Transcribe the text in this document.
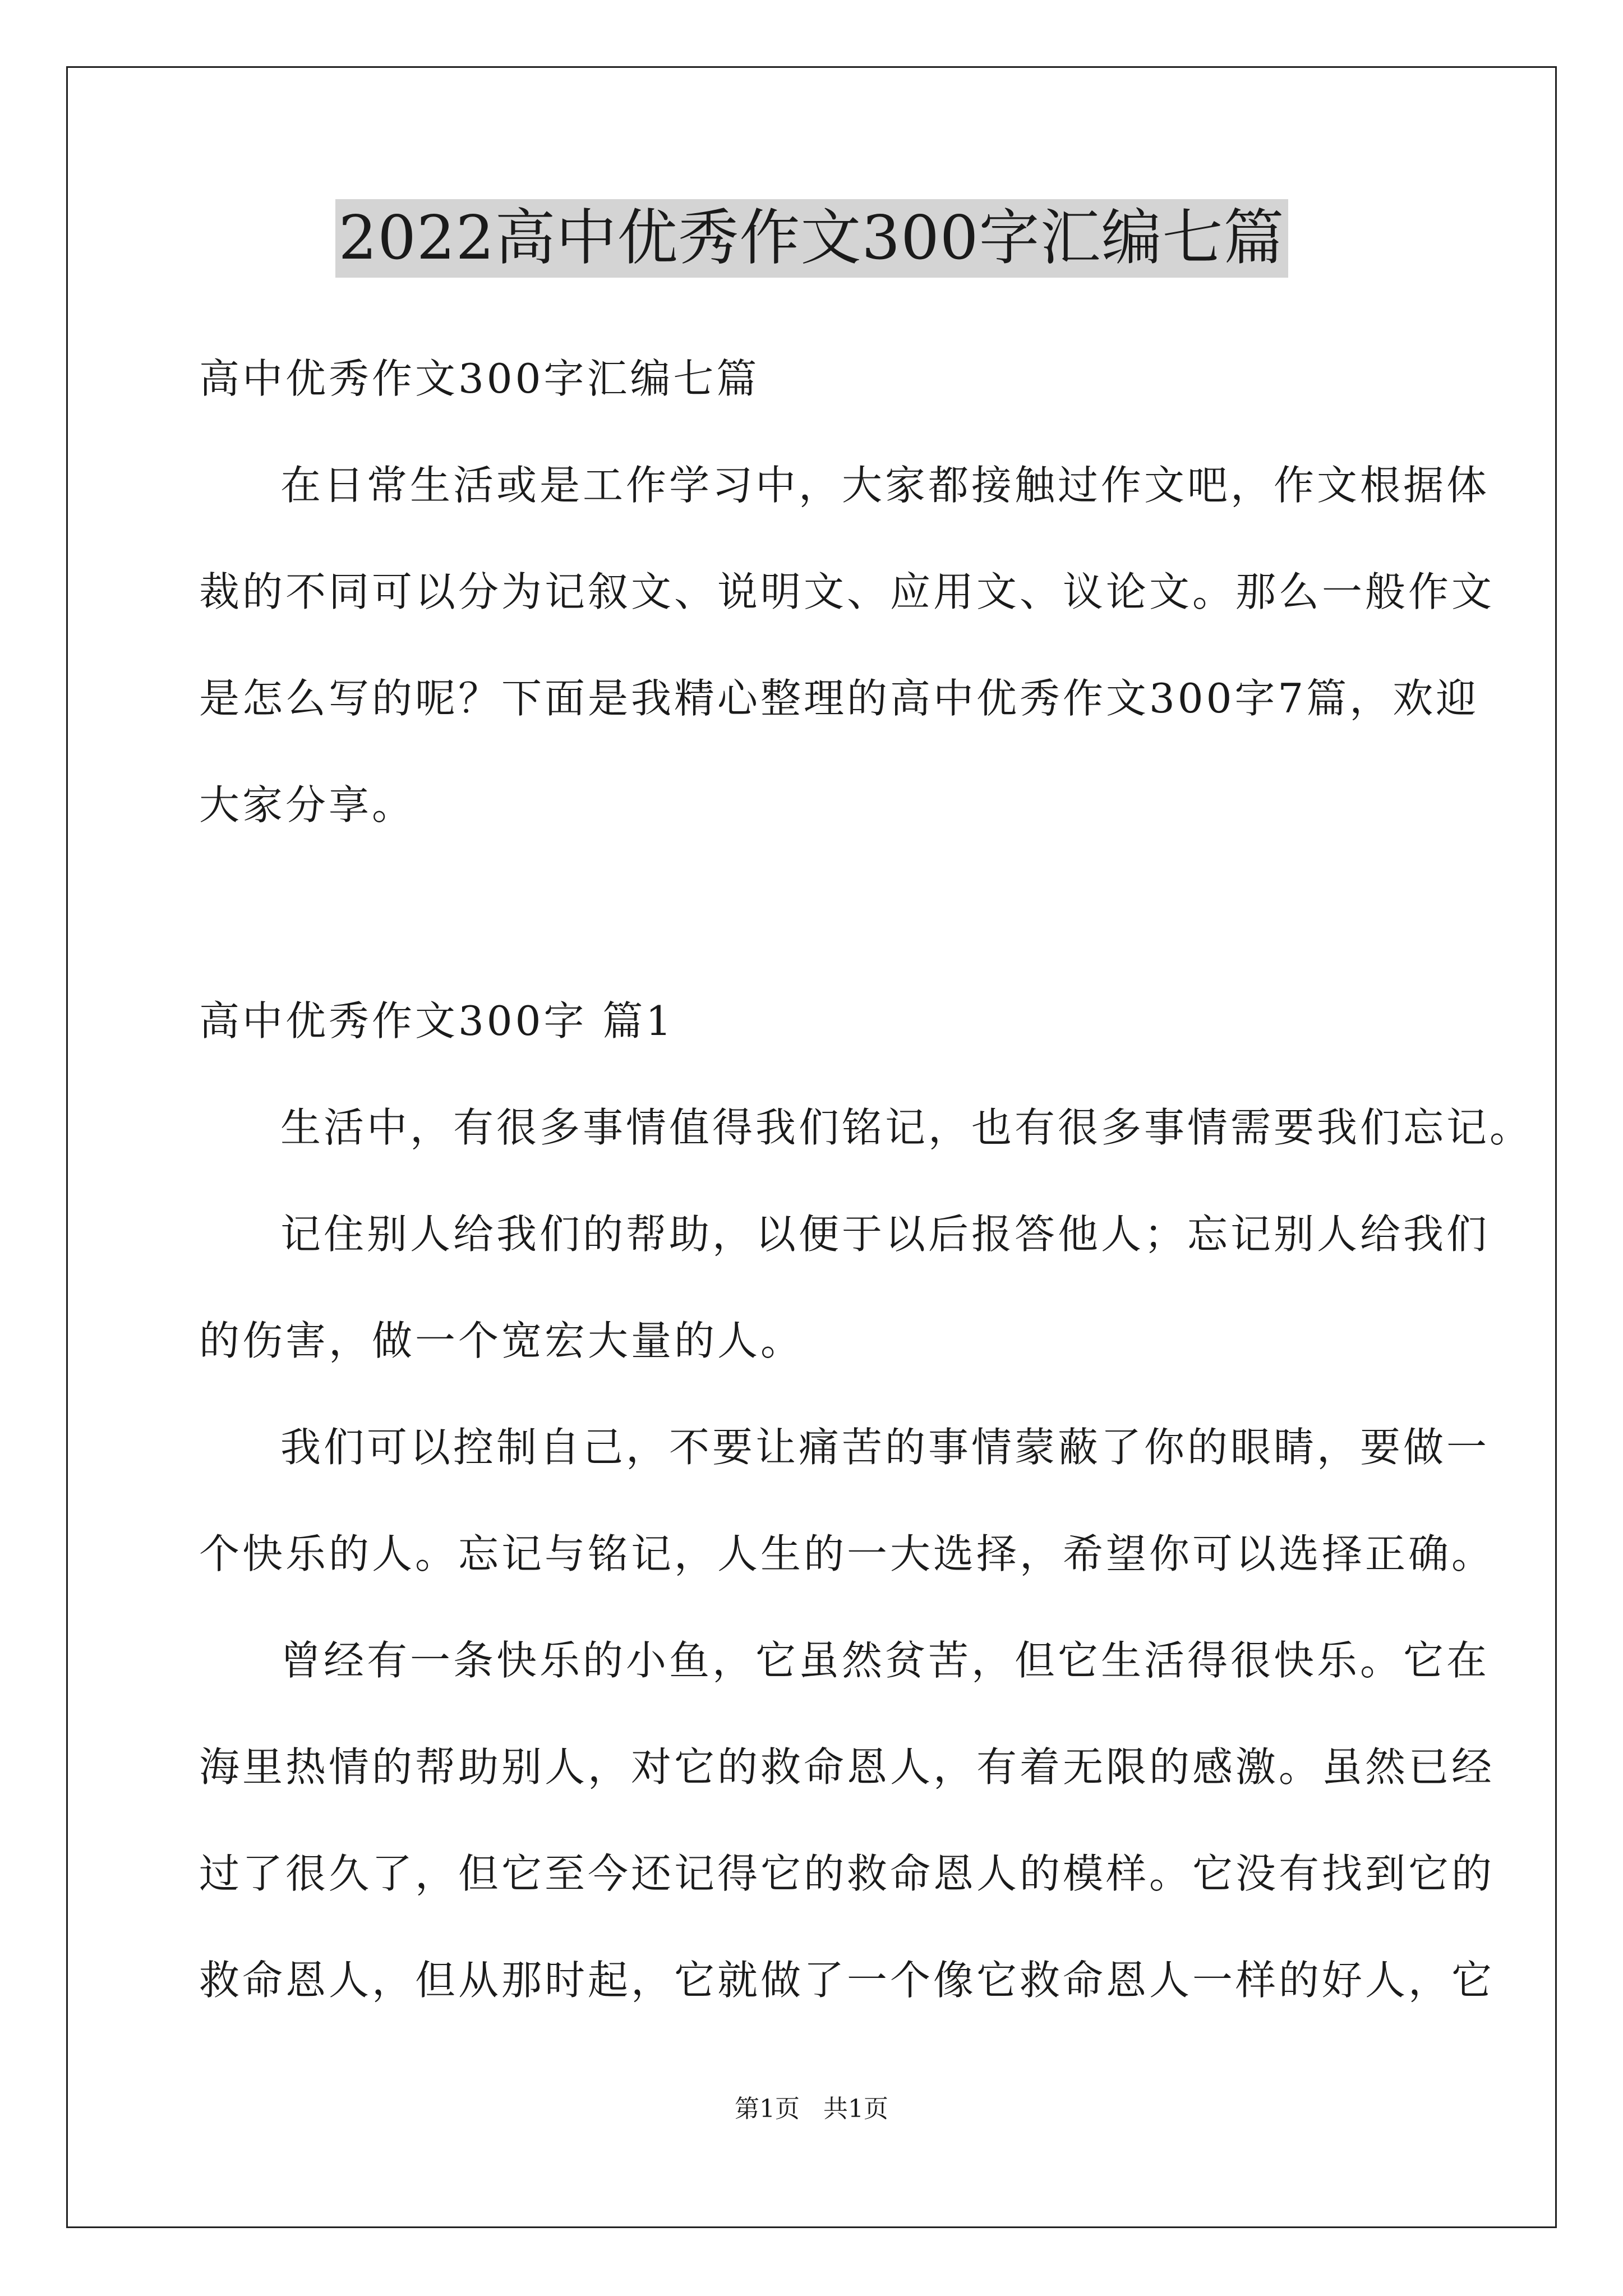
2022高中优秀作文300字汇编七篇
高中优秀作文300字汇编七篇
在日常生活或是工作学习中，大家都接触过作文吧，作文根据体
裁的不同可以分为记叙文、说明文、应用文、议论文。那么一般作文
是怎么写的呢？下面是我精心整理的高中优秀作文300字7篇，欢迎
大家分享。
高中优秀作文300字 篇1
生活中，有很多事情值得我们铭记，也有很多事情需要我们忘记。
记住别人给我们的帮助，以便于以后报答他人；忘记别人给我们
的伤害，做一个宽宏大量的人。
我们可以控制自己，不要让痛苦的事情蒙蔽了你的眼睛，要做一
个快乐的人。忘记与铭记，人生的一大选择，希望你可以选择正确。
曾经有一条快乐的小鱼，它虽然贫苦，但它生活得很快乐。它在
海里热情的帮助别人，对它的救命恩人，有着无限的感激。虽然已经
过了很久了，但它至今还记得它的救命恩人的模样。它没有找到它的
救命恩人，但从那时起，它就做了一个像它救命恩人一样的好人，它
第1页   共1页
